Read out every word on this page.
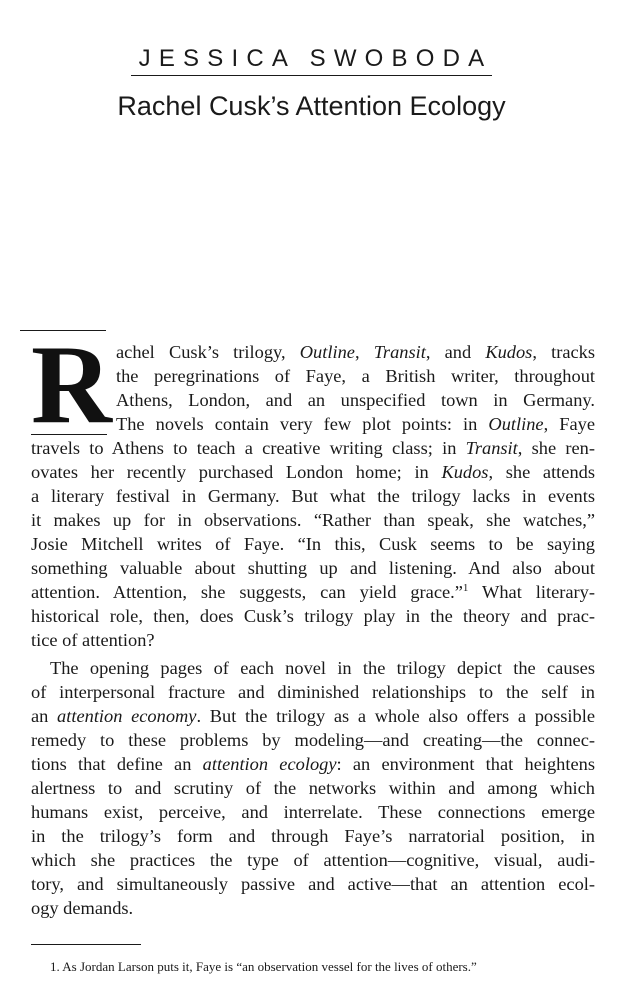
JESSICA SWOBODA
Rachel Cusk’s Attention Ecology
R achel Cusk’s trilogy, Outline, Transit, and Kudos, tracks
the peregrinations of Faye, a British writer, throughout
Athens, London, and an unspecified town in Germany.
The novels contain very few plot points: in Outline, Faye
travels to Athens to teach a creative writing class; in Transit, she ren-
ovates her recently purchased London home; in Kudos, she attends
a literary festival in Germany. But what the trilogy lacks in events
it makes up for in observations. “Rather than speak, she watches,”
Josie Mitchell writes of Faye. “In this, Cusk seems to be saying
something valuable about shutting up and listening. And also about
attention. Attention, she suggests, can yield grace.”$^1$ What literary-
historical role, then, does Cusk’s trilogy play in the theory and prac-
tice of attention?
The opening pages of each novel in the trilogy depict the causes
of interpersonal fracture and diminished relationships to the self in
an attention economy. But the trilogy as a whole also offers a possible
remedy to these problems by modeling—and creating—the connec-
tions that define an attention ecology: an environment that heightens
alertness to and scrutiny of the networks within and among which
humans exist, perceive, and interrelate. These connections emerge
in the trilogy’s form and through Faye’s narratorial position, in
which she practices the type of attention—cognitive, visual, audi-
tory, and simultaneously passive and active—that an attention ecol-
ogy demands.
1. As Jordan Larson puts it, Faye is “an observation vessel for the lives of others.”
